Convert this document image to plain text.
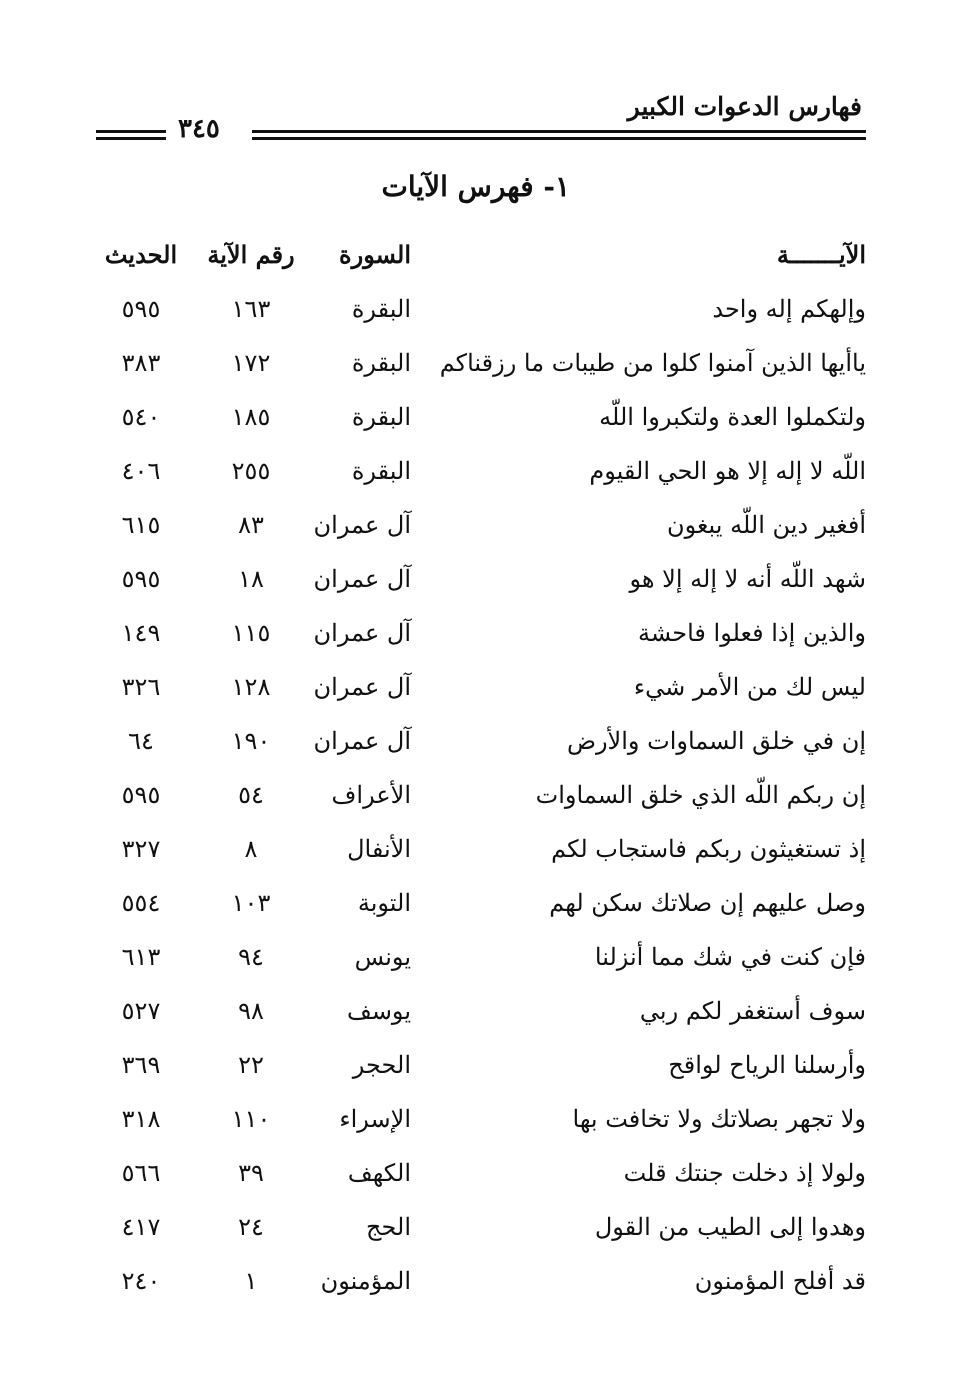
فهارس الدعوات الكبير
٣٤٥
١- فهرس الآيات
الآيـــــــة
السورة
رقم الآية
الحديث
وإلهكم إله واحد
البقرة
١٦٣
٥٩٥
ياأيها الذين آمنوا كلوا من طيبات ما رزقناكم
البقرة
١٧٢
٣٨٣
ولتكملوا العدة ولتكبروا اللّه
البقرة
١٨٥
٥٤٠
اللّه لا إله إلا هو الحي القيوم
البقرة
٢٥٥
٤٠٦
أفغير دين اللّه يبغون
آل عمران
٨٣
٦١٥
شهد اللّه أنه لا إله إلا هو
آل عمران
١٨
٥٩٥
والذين إذا فعلوا فاحشة
آل عمران
١١٥
١٤٩
ليس لك من الأمر شيء
آل عمران
١٢٨
٣٢٦
إن في خلق السماوات والأرض
آل عمران
١٩٠
٦٤
إن ربكم اللّه الذي خلق السماوات
الأعراف
٥٤
٥٩٥
إذ تستغيثون ربكم فاستجاب لكم
الأنفال
٨
٣٢٧
وصل عليهم إن صلاتك سكن لهم
التوبة
١٠٣
٥٥٤
فإن كنت في شك مما أنزلنا
يونس
٩٤
٦١٣
سوف أستغفر لكم ربي
يوسف
٩٨
٥٢٧
وأرسلنا الرياح لواقح
الحجر
٢٢
٣٦٩
ولا تجهر بصلاتك ولا تخافت بها
الإسراء
١١٠
٣١٨
ولولا إذ دخلت جنتك قلت
الكهف
٣٩
٥٦٦
وهدوا إلى الطيب من القول
الحج
٢٤
٤١٧
قد أفلح المؤمنون
المؤمنون
١
٢٤٠
